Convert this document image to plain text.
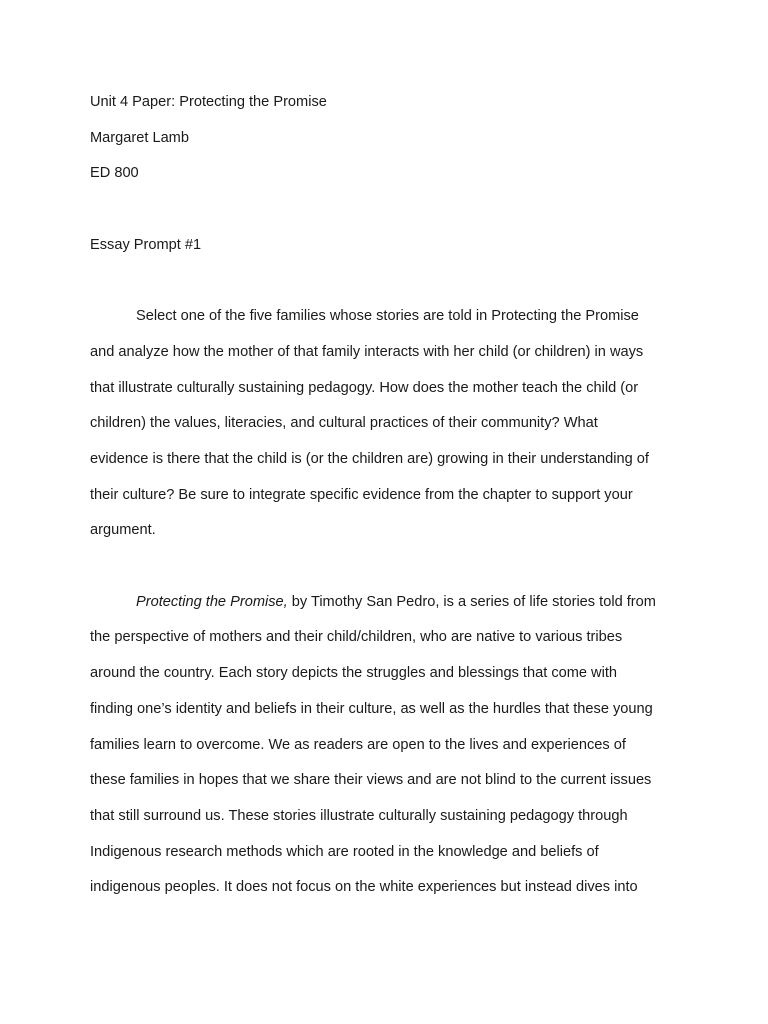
Unit 4 Paper: Protecting the Promise
Margaret Lamb
ED 800
Essay Prompt #1
Select one of the five families whose stories are told in Protecting the Promise
and analyze how the mother of that family interacts with her child (or children) in ways
that illustrate culturally sustaining pedagogy. How does the mother teach the child (or
children) the values, literacies, and cultural practices of their community? What
evidence is there that the child is (or the children are) growing in their understanding of
their culture? Be sure to integrate specific evidence from the chapter to support your
argument.
Protecting the Promise, by Timothy San Pedro, is a series of life stories told from
the perspective of mothers and their child/children, who are native to various tribes
around the country. Each story depicts the struggles and blessings that come with
finding one’s identity and beliefs in their culture, as well as the hurdles that these young
families learn to overcome. We as readers are open to the lives and experiences of
these families in hopes that we share their views and are not blind to the current issues
that still surround us. These stories illustrate culturally sustaining pedagogy through
Indigenous research methods which are rooted in the knowledge and beliefs of
indigenous peoples. It does not focus on the white experiences but instead dives into
